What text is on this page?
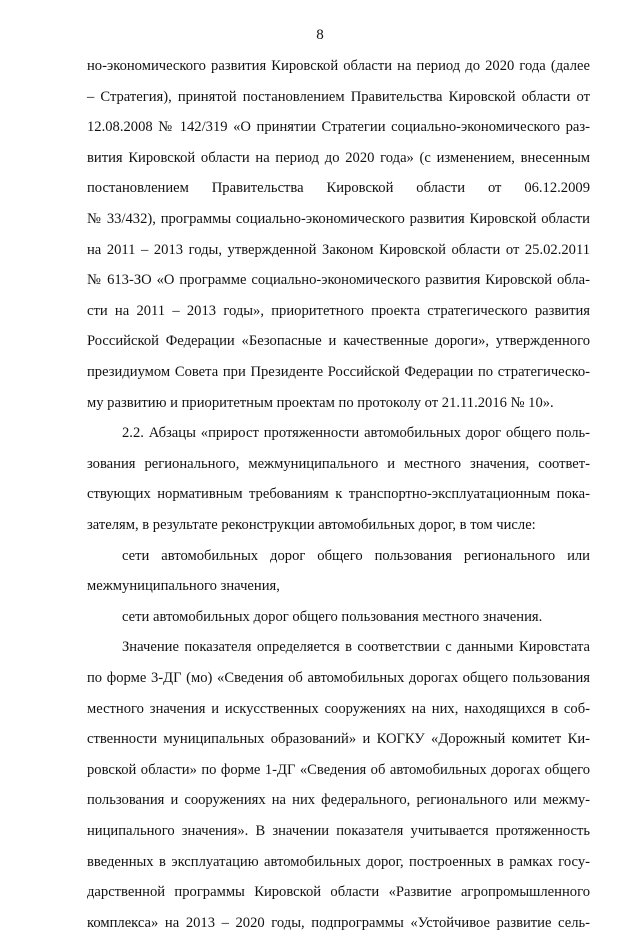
8
но-экономического развития Кировской области на период до 2020 года (далее
– Стратегия), принятой постановлением Правительства Кировской области от
12.08.2008 № 142/319 «О принятии Стратегии социально-экономического раз-
вития Кировской области на период до 2020 года» (с изменением, внесенным
постановлением Правительства Кировской области от 06.12.2009
№ 33/432), программы социально-экономического развития Кировской области
на 2011 – 2013 годы, утвержденной Законом Кировской области от 25.02.2011
№ 613-ЗО «О программе социально-экономического развития Кировской обла-
сти на 2011 – 2013 годы», приоритетного проекта стратегического развития
Российской Федерации «Безопасные и качественные дороги», утвержденного
президиумом Совета при Президенте Российской Федерации по стратегическо-
му развитию и приоритетным проектам по протоколу от 21.11.2016 № 10».
2.2. Абзацы «прирост протяженности автомобильных дорог общего поль-
зования регионального, межмуниципального и местного значения, соответ-
ствующих нормативным требованиям к транспортно-эксплуатационным пока-
зателям, в результате реконструкции автомобильных дорог, в том числе:
сети автомобильных дорог общего пользования регионального или
межмуниципального значения,
сети автомобильных дорог общего пользования местного значения.
Значение показателя определяется в соответствии с данными Кировстата
по форме 3-ДГ (мо) «Сведения об автомобильных дорогах общего пользования
местного значения и искусственных сооружениях на них, находящихся в соб-
ственности муниципальных образований» и КОГКУ «Дорожный комитет Ки-
ровской области» по форме 1-ДГ «Сведения об автомобильных дорогах общего
пользования и сооружениях на них федерального, регионального или межму-
ниципального значения». В значении показателя учитывается протяженность
введенных в эксплуатацию автомобильных дорог, построенных в рамках госу-
дарственной программы Кировской области «Развитие агропромышленного
комплекса» на 2013 – 2020 годы, подпрограммы «Устойчивое развитие сель-
